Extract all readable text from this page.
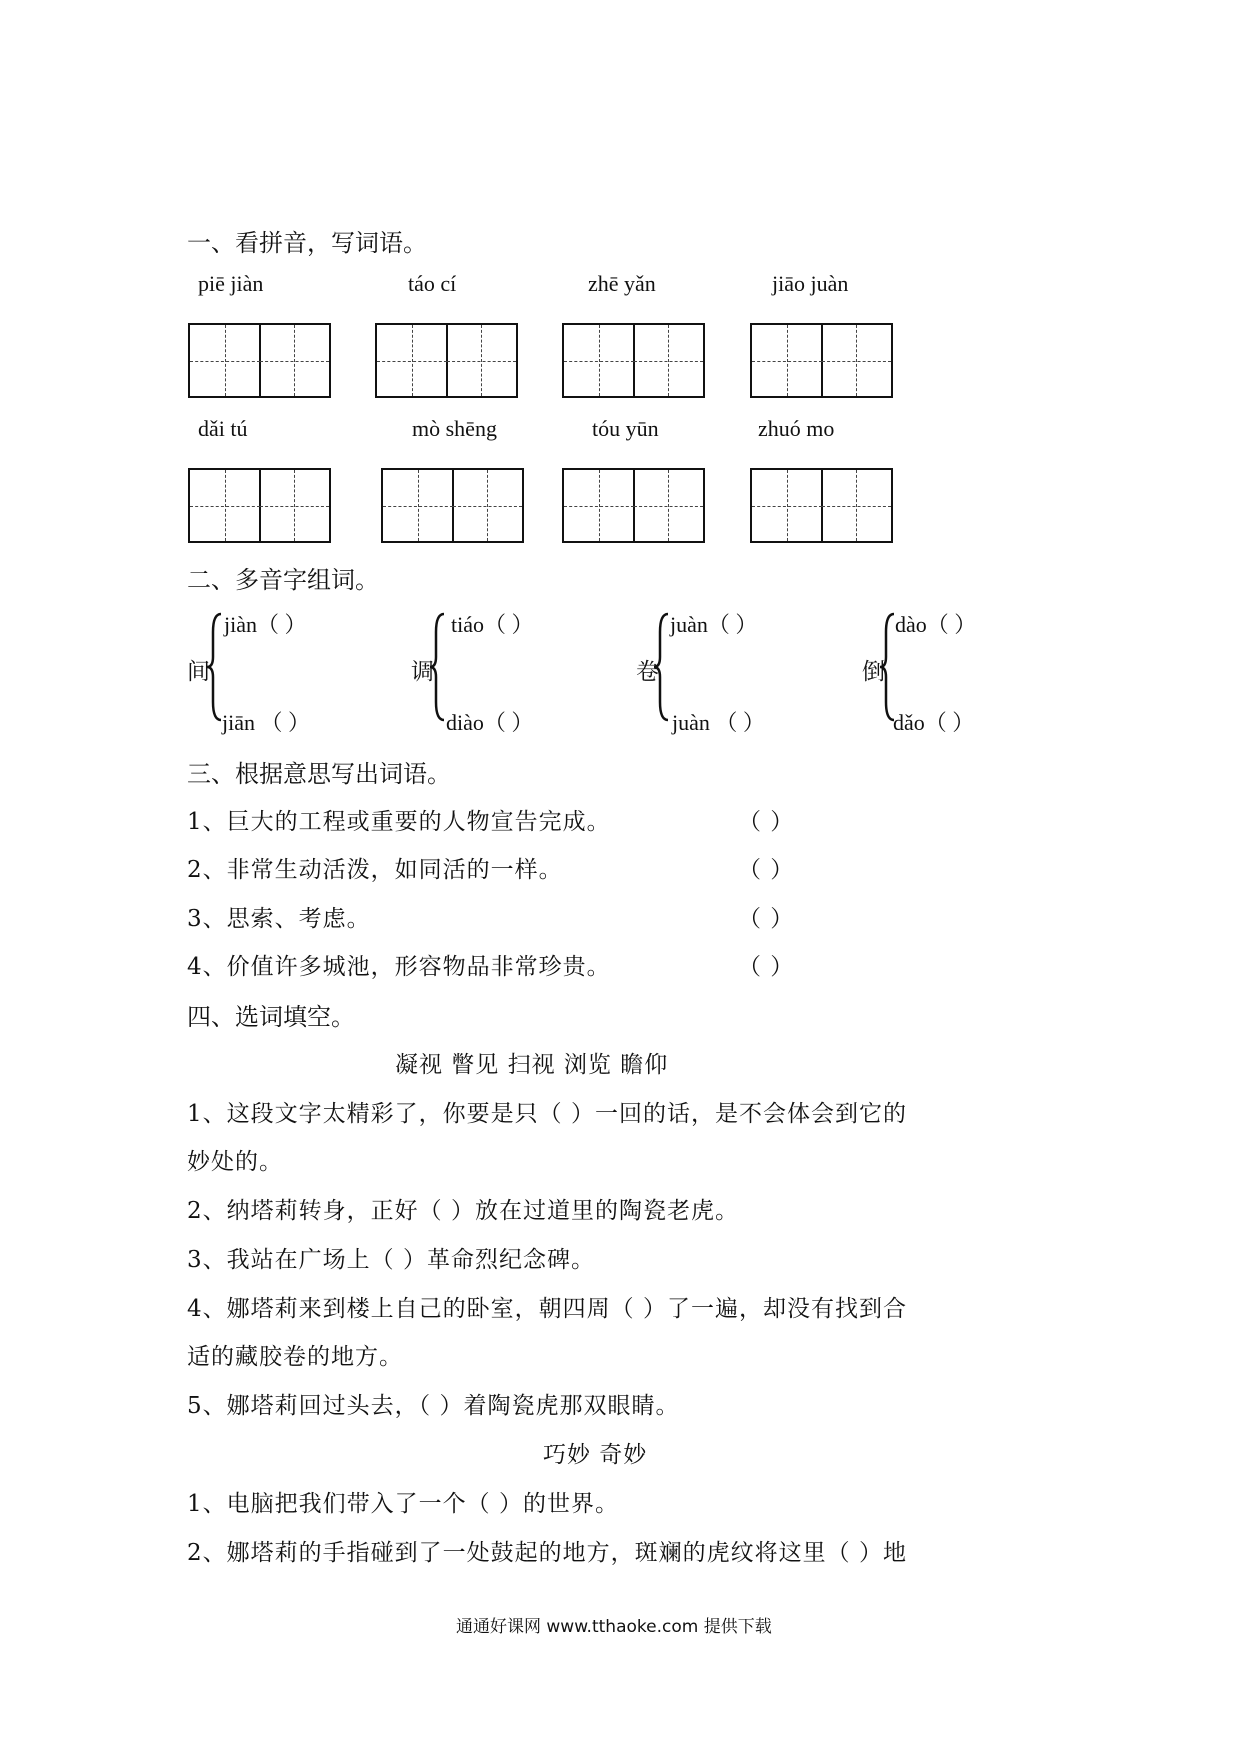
一、看拼音，写词语。
piē jiàn	táo cí	zhē yǎn	jiāo juàn
dǎi tú	mò shēng	tóu yūn	zhuó mo
二、多音字组词。
间
jiàn（ ）
jiān （ ）
调
tiáo（ ）
diào（ ）
卷
juàn（ ）
juàn （ ）
倒
dào（ ）
dǎo（ ）
三、根据意思写出词语。
1、巨大的工程或重要的人物宣告完成。	（ ）
2、非常生动活泼，如同活的一样。	（ ）
3、思索、考虑。	（ ）
4、价值许多城池，形容物品非常珍贵。	（ ）
四、选词填空。
凝视 瞥见 扫视 浏览 瞻仰
1、这段文字太精彩了，你要是只（ ）一回的话，是不会体会到它的
妙处的。
2、纳塔莉转身，正好（ ）放在过道里的陶瓷老虎。
3、我站在广场上（ ）革命烈纪念碑。
4、娜塔莉来到楼上自己的卧室，朝四周（ ）了一遍，却没有找到合
适的藏胶卷的地方。
5、娜塔莉回过头去，（ ）着陶瓷虎那双眼睛。
巧妙 奇妙
1、电脑把我们带入了一个（ ）的世界。
2、娜塔莉的手指碰到了一处鼓起的地方，斑斓的虎纹将这里（ ）地
通通好课网 www.tthaoke.com 提供下载
